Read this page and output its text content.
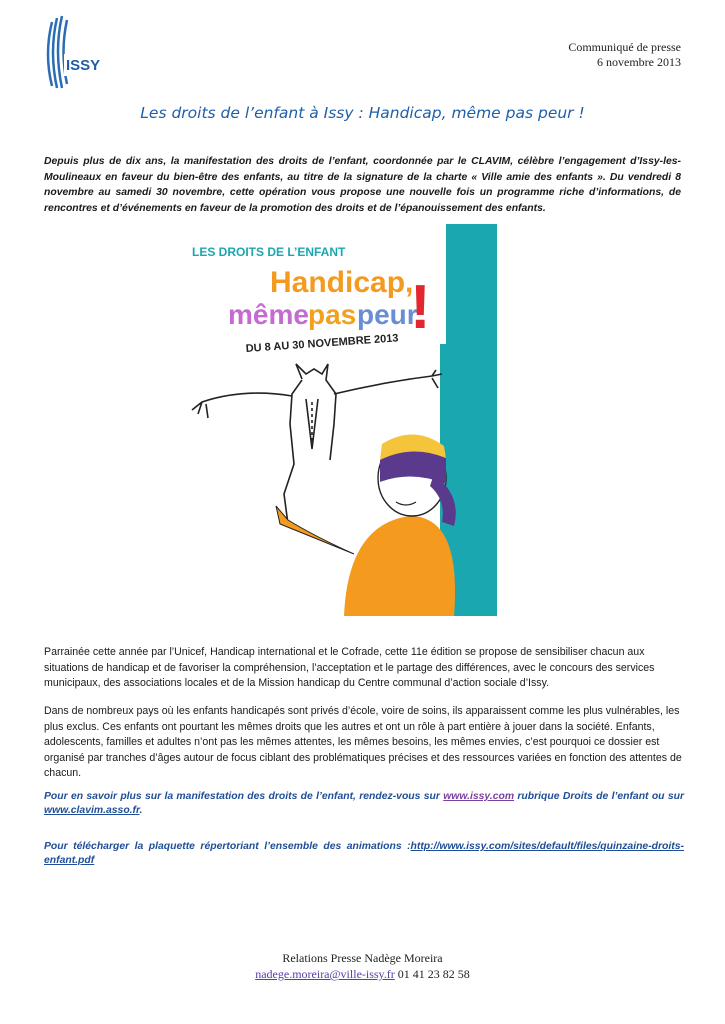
ISSY
Communiqué de presse
6 novembre 2013
Les droits de l’enfant à Issy : Handicap, même pas peur !
Depuis plus de dix ans, la manifestation des droits de l’enfant, coordonnée par le CLAVIM, célèbre l’engagement d’Issy-les-Moulineaux en faveur du bien-être des enfants, au titre de la signature de la charte « Ville amie des enfants ». Du vendredi 8 novembre au samedi 30 novembre, cette opération vous propose une nouvelle fois un programme riche d’informations, de rencontres et d’événements en faveur de la promotion des droits et de l’épanouissement des enfants.
LES DROITS DE L’ENFANT
Handicap,
même pas peur
!
DU 8 AU 30 NOVEMBRE 2013
Parrainée cette année par l’Unicef, Handicap international et le Cofrade, cette 11e édition se propose de sensibiliser chacun aux situations de handicap et de favoriser la compréhension, l’acceptation et le partage des différences, avec le concours des services municipaux, des associations locales et de la Mission handicap du Centre communal d’action sociale d’Issy.
Dans de nombreux pays où les enfants handicapés sont privés d’école, voire de soins, ils apparaissent comme les plus vulnérables, les plus exclus. Ces enfants ont pourtant les mêmes droits que les autres et ont un rôle à part entière à jouer dans la société. Enfants, adolescents, familles et adultes n’ont pas les mêmes attentes, les mêmes besoins, les mêmes envies, c’est pourquoi ce dossier est organisé par tranches d’âges autour de focus ciblant des problématiques précises et des ressources variées en fonction des attentes de chacun.
Pour en savoir plus sur la manifestation des droits de l’enfant, rendez-vous sur www.issy.com rubrique Droits de l’enfant ou sur www.clavim.asso.fr.
Pour télécharger la plaquette répertoriant l’ensemble des animations :http://www.issy.com/sites/default/files/quinzaine-droits-enfant.pdf
Relations Presse Nadège Moreira
nadege.moreira@ville-issy.fr 01 41 23 82 58
